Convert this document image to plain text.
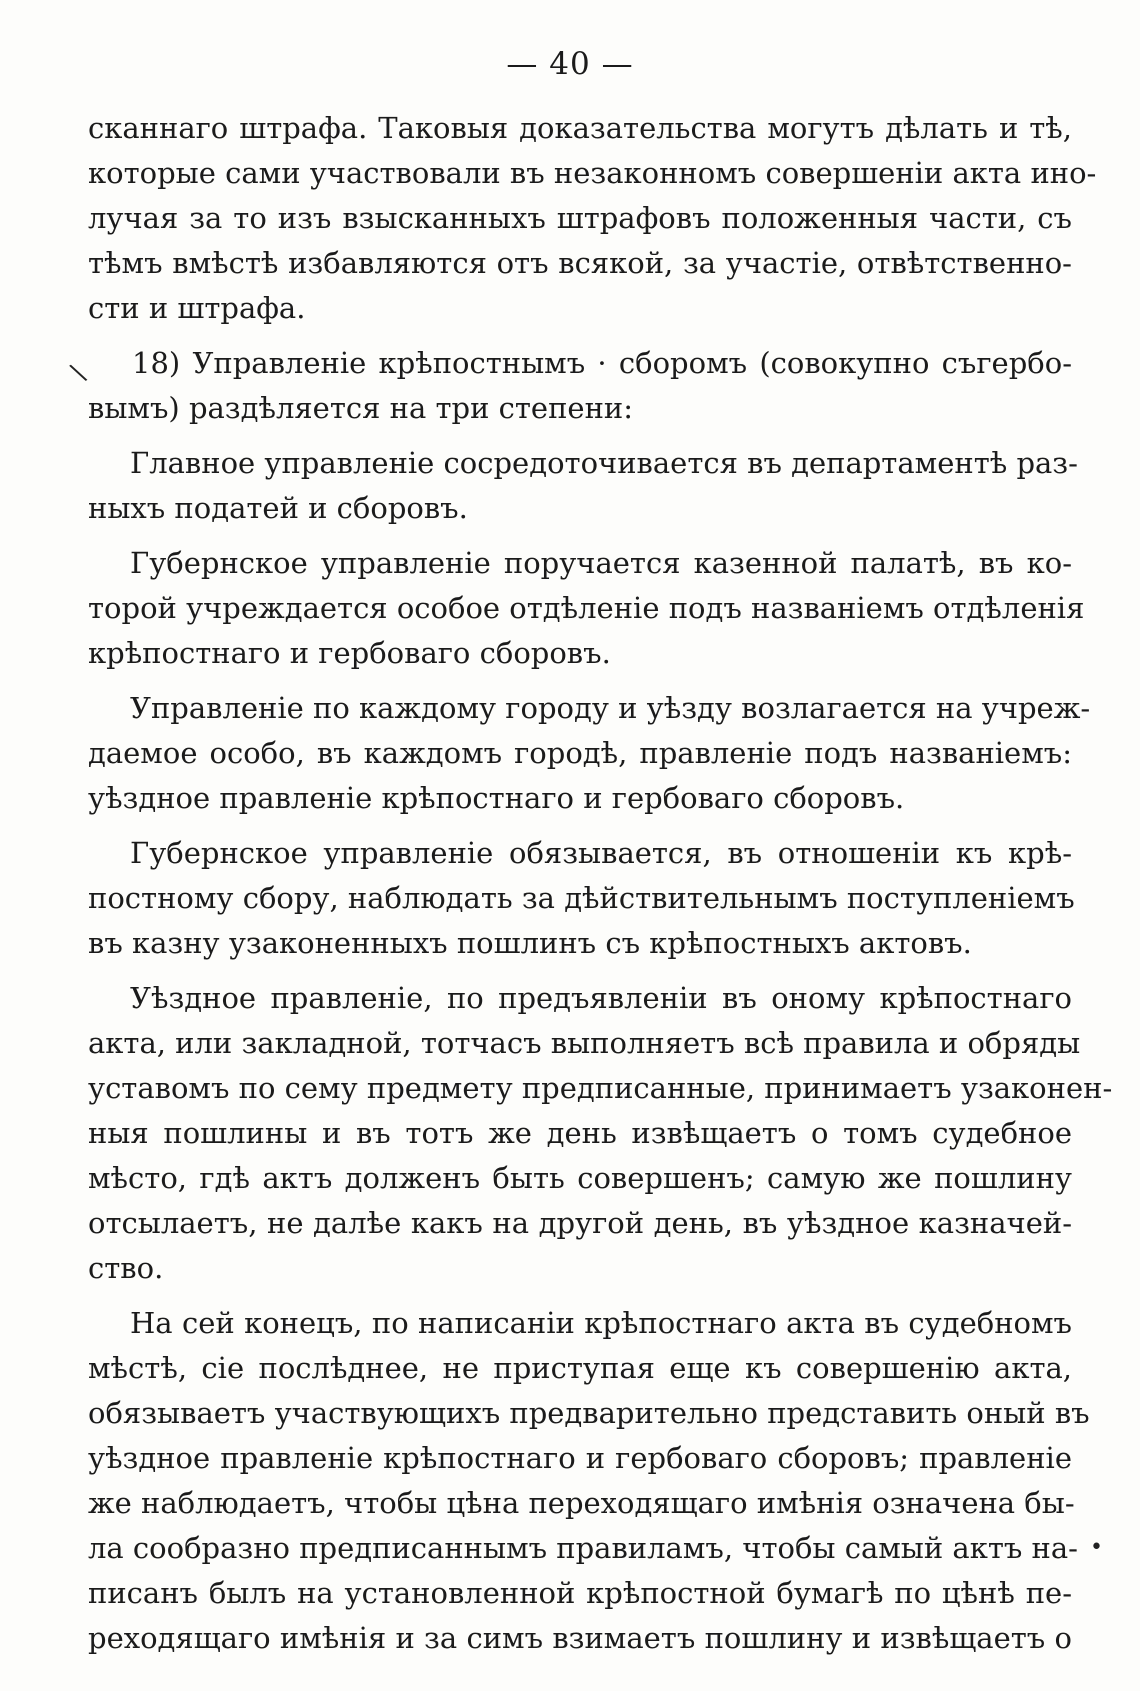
— 40 —
\
•
сканнаго штрафа. Таковыя доказательства могутъ дѣлать и тѣ,
которые сами участвовали въ незаконномъ совершеніи акта ино-
лучая за то изъ взысканныхъ штрафовъ положенныя части, съ
тѣмъ вмѣстѣ избавляются отъ всякой, за участіе, отвѣтственно-
сти и штрафа.
18) Управленіе крѣпостнымъ · сборомъ (совокупно съгербо-
вымъ) раздѣляется на три степени:
Главное управленіе сосредоточивается въ департаментѣ раз-
ныхъ податей и сборовъ.
Губернское управленіе поручается казенной палатѣ, въ ко-
торой учреждается особое отдѣленіе подъ названіемъ отдѣленія
крѣпостнаго и гербоваго сборовъ.
Управленіе по каждому городу и уѣзду возлагается на учреж-
даемое особо, въ каждомъ городѣ, правленіе подъ названіемъ:
уѣздное правленіе крѣпостнаго и гербоваго сборовъ.
Губернское управленіе обязывается, въ отношеніи къ крѣ-
постному сбору, наблюдать за дѣйствительнымъ поступленіемъ
въ казну узаконенныхъ пошлинъ съ крѣпостныхъ актовъ.
Уѣздное правленіе, по предъявленіи въ оному крѣпостнаго
акта, или закладной, тотчасъ выполняетъ всѣ правила и обряды
уставомъ по сему предмету предписанные, принимаетъ узаконен-
ныя пошлины и въ тотъ же день извѣщаетъ о томъ судебное
мѣсто, гдѣ актъ долженъ быть совершенъ; самую же пошлину
отсылаетъ, не далѣе какъ на другой день, въ уѣздное казначей-
ство.
На сей конецъ, по написаніи крѣпостнаго акта въ судебномъ
мѣстѣ, сіе послѣднее, не приступая еще къ совершенію акта,
обязываетъ участвующихъ предварительно представить оный въ
уѣздное правленіе крѣпостнаго и гербоваго сборовъ; правленіе
же наблюдаетъ, чтобы цѣна переходящаго имѣнія означена бы-
ла сообразно предписаннымъ правиламъ, чтобы самый актъ на-
писанъ былъ на установленной крѣпостной бумагѣ по цѣнѣ пе-
реходящаго имѣнія и за симъ взимаетъ пошлину и извѣщаетъ о
